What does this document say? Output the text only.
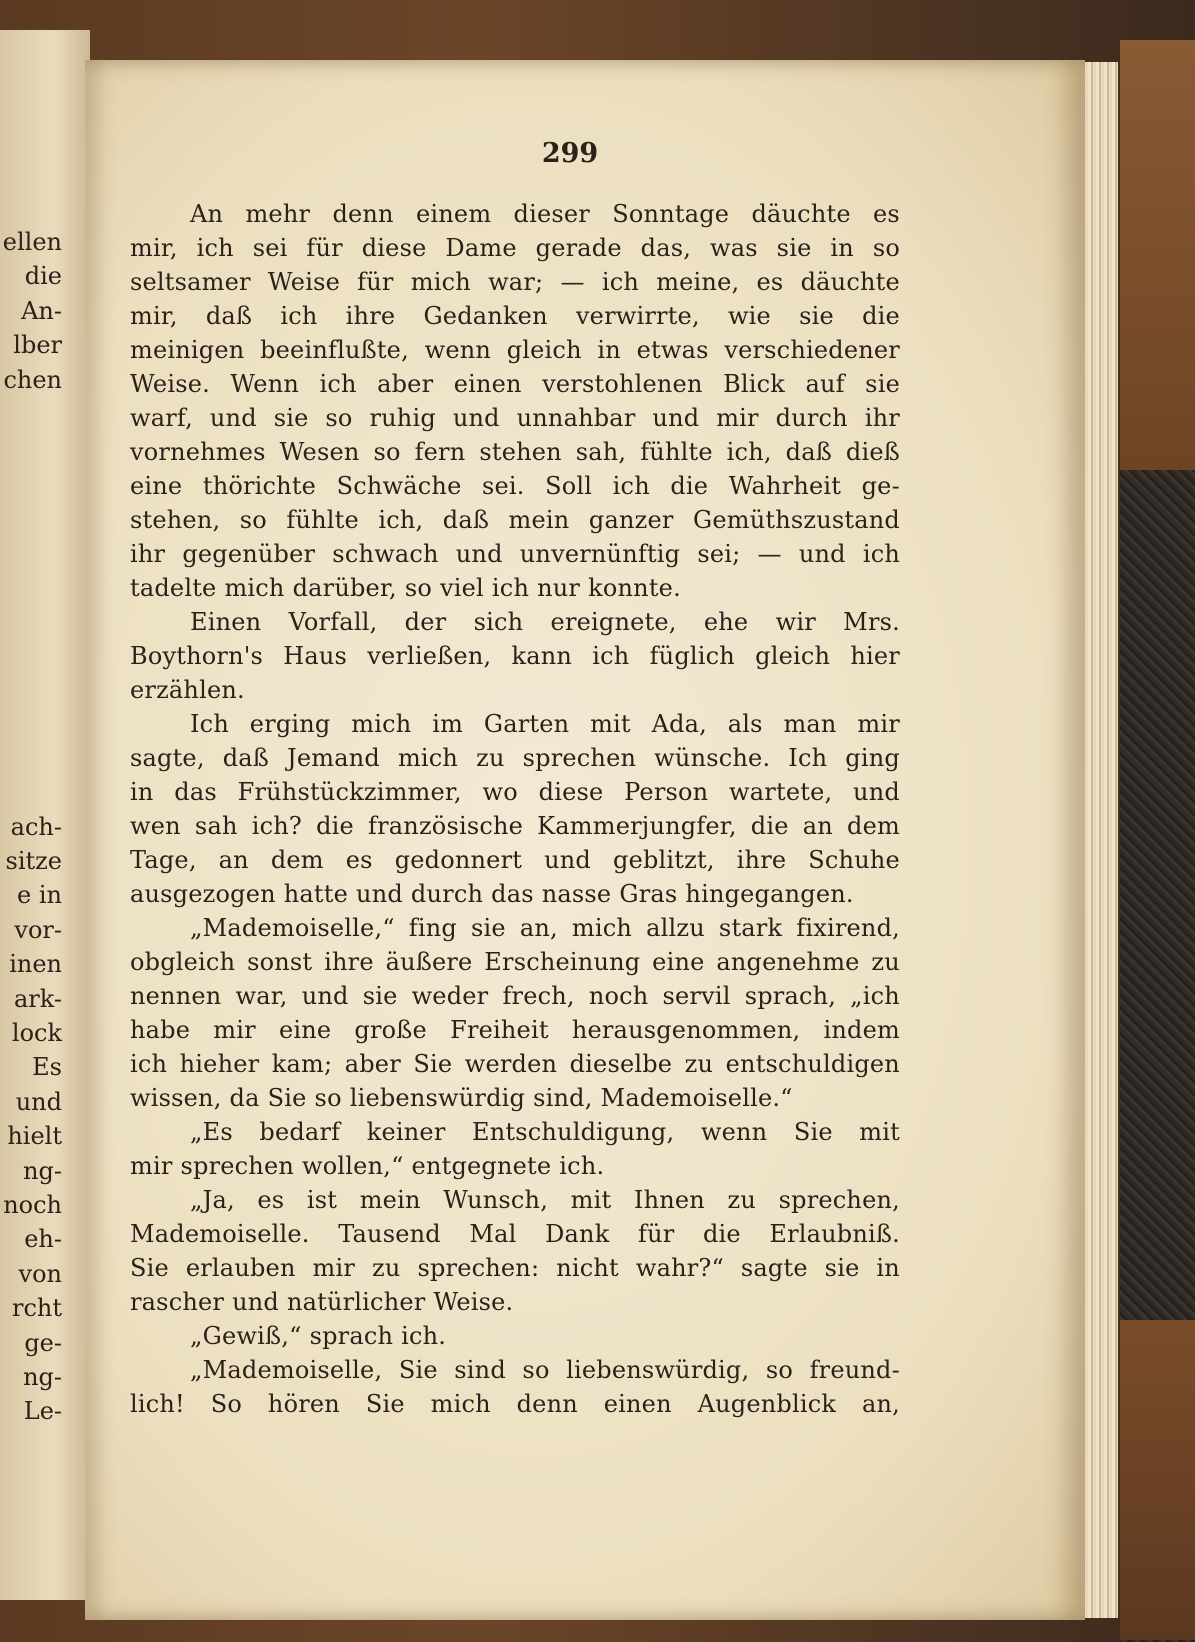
ellen
die
An-
lber
chen
ach-
sitze
e in
vor-
inen
ark-
lock
Es
und
hielt
ng-
noch
eh-
von
rcht
ge-
ng-
Le-
299
An mehr denn einem dieser Sonntage däuchte es
mir, ich sei für diese Dame gerade das, was sie in so
seltsamer Weise für mich war; — ich meine, es däuchte
mir, daß ich ihre Gedanken verwirrte, wie sie die
meinigen beeinflußte, wenn gleich in etwas verschiedener
Weise. Wenn ich aber einen verstohlenen Blick auf sie
warf, und sie so ruhig und unnahbar und mir durch ihr
vornehmes Wesen so fern stehen sah, fühlte ich, daß dieß
eine thörichte Schwäche sei. Soll ich die Wahrheit ge-
stehen, so fühlte ich, daß mein ganzer Gemüthszustand
ihr gegenüber schwach und unvernünftig sei; — und ich
tadelte mich darüber, so viel ich nur konnte.
Einen Vorfall, der sich ereignete, ehe wir Mrs.
Boythorn's Haus verließen, kann ich füglich gleich hier
erzählen.
Ich erging mich im Garten mit Ada, als man mir
sagte, daß Jemand mich zu sprechen wünsche. Ich ging
in das Frühstückzimmer, wo diese Person wartete, und
wen sah ich? die französische Kammerjungfer, die an dem
Tage, an dem es gedonnert und geblitzt, ihre Schuhe
ausgezogen hatte und durch das nasse Gras hingegangen.
„Mademoiselle,“ fing sie an, mich allzu stark fixirend,
obgleich sonst ihre äußere Erscheinung eine angenehme zu
nennen war, und sie weder frech, noch servil sprach, „ich
habe mir eine große Freiheit herausgenommen, indem
ich hieher kam; aber Sie werden dieselbe zu entschuldigen
wissen, da Sie so liebenswürdig sind, Mademoiselle.“
„Es bedarf keiner Entschuldigung, wenn Sie mit
mir sprechen wollen,“ entgegnete ich.
„Ja, es ist mein Wunsch, mit Ihnen zu sprechen,
Mademoiselle. Tausend Mal Dank für die Erlaubniß.
Sie erlauben mir zu sprechen: nicht wahr?“ sagte sie in
rascher und natürlicher Weise.
„Gewiß,“ sprach ich.
„Mademoiselle, Sie sind so liebenswürdig, so freund-
lich! So hören Sie mich denn einen Augenblick an,
